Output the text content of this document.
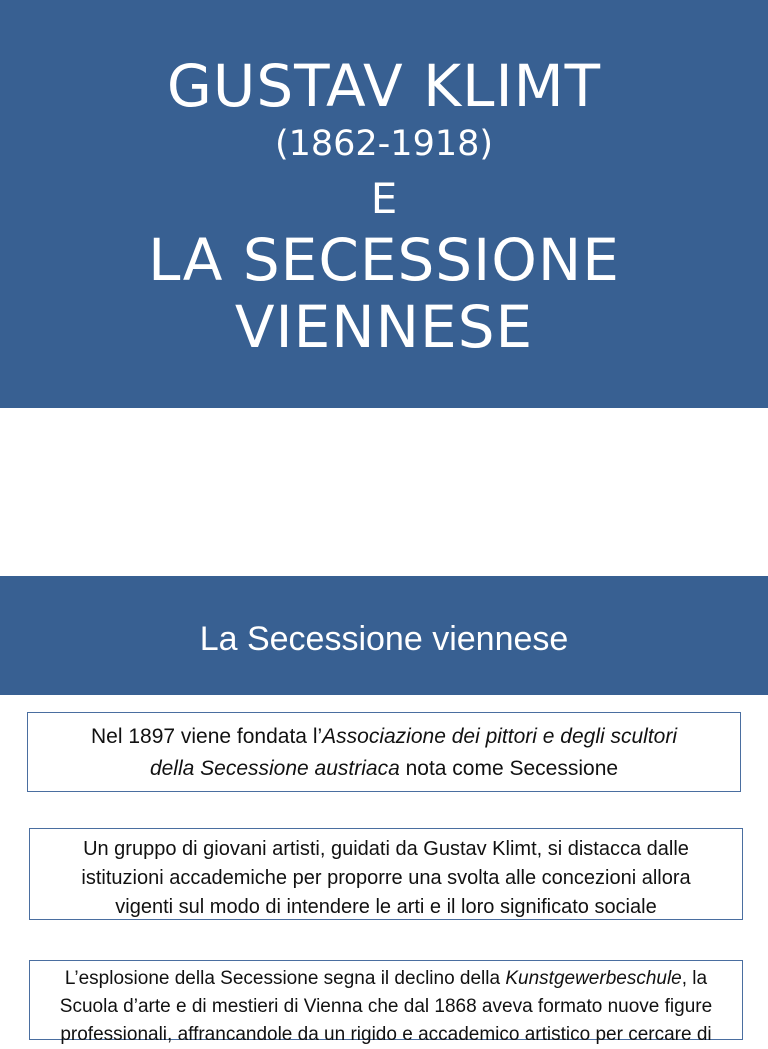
GUSTAV KLIMT
(1862-1918)
E
LA SECESSIONE
VIENNESE
La Secessione viennese
Nel 1897 viene fondata l’Associazione dei pittori e degli scultori
della Secessione austriaca nota come Secessione
Un gruppo di giovani artisti, guidati da Gustav Klimt, si distacca dalle
istituzioni accademiche per proporre una svolta alle concezioni allora
vigenti sul modo di intendere le arti e il loro significato sociale
L’esplosione della Secessione segna il declino della Kunstgewerbeschule, la
Scuola d’arte e di mestieri di Vienna che dal 1868 aveva formato nuove figure
professionali, affrancandole da un rigido e accademico artistico per cercare di
